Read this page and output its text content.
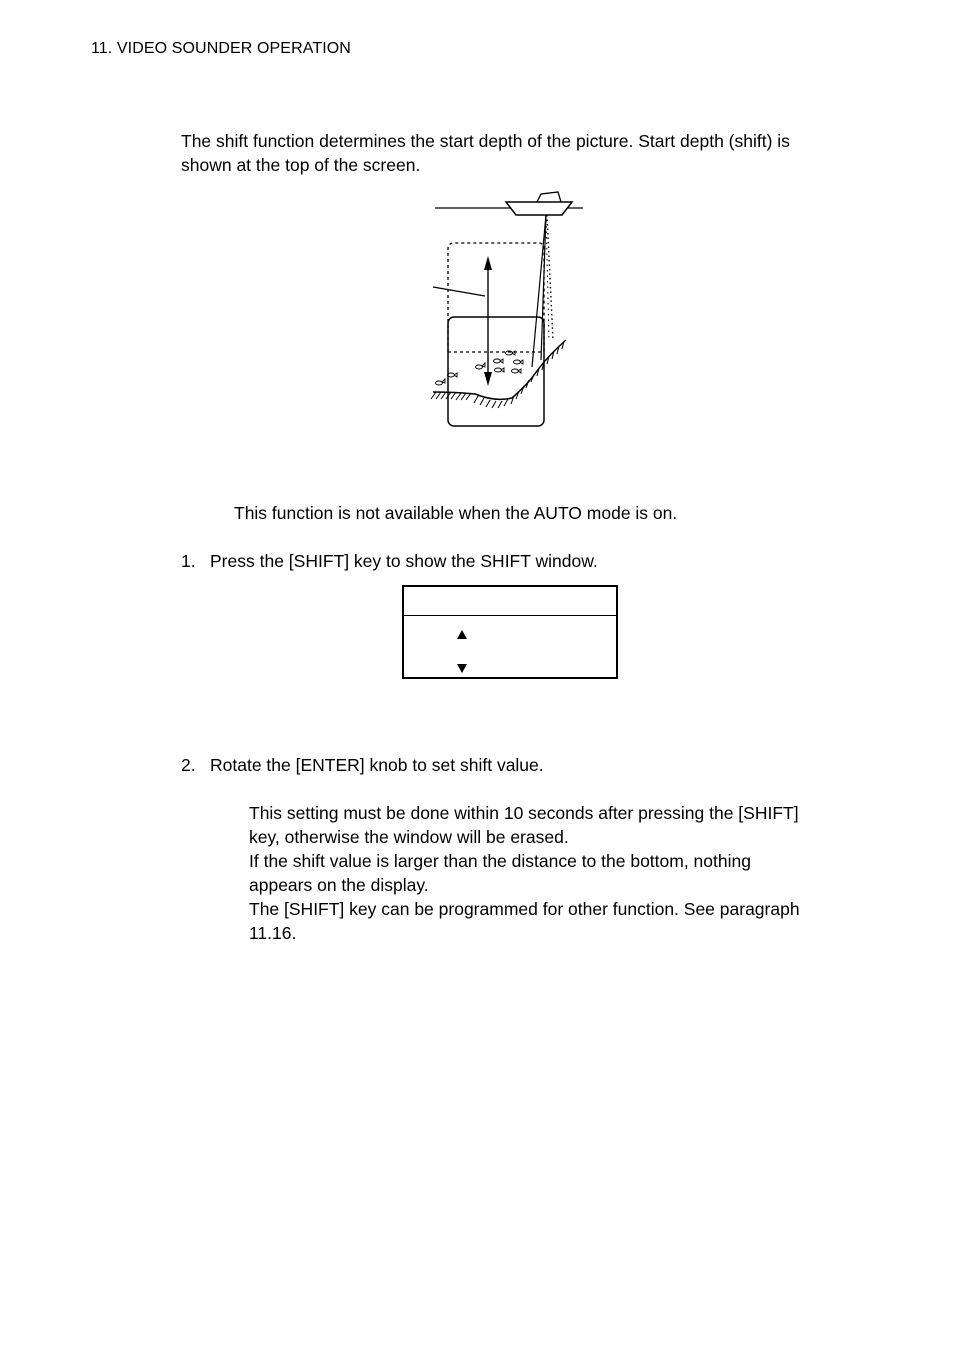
11. VIDEO SOUNDER OPERATION
The shift function determines the start depth of the picture. Start depth (shift) is
shown at the top of the screen.
This function is not available when the AUTO mode is on.
1. Press the [SHIFT] key to show the SHIFT window.
2. Rotate the [ENTER] knob to set shift value.
This setting must be done within 10 seconds after pressing the [SHIFT]
key, otherwise the window will be erased.
If the shift value is larger than the distance to the bottom, nothing
appears on the display.
The [SHIFT] key can be programmed for other function. See paragraph
11.16.
